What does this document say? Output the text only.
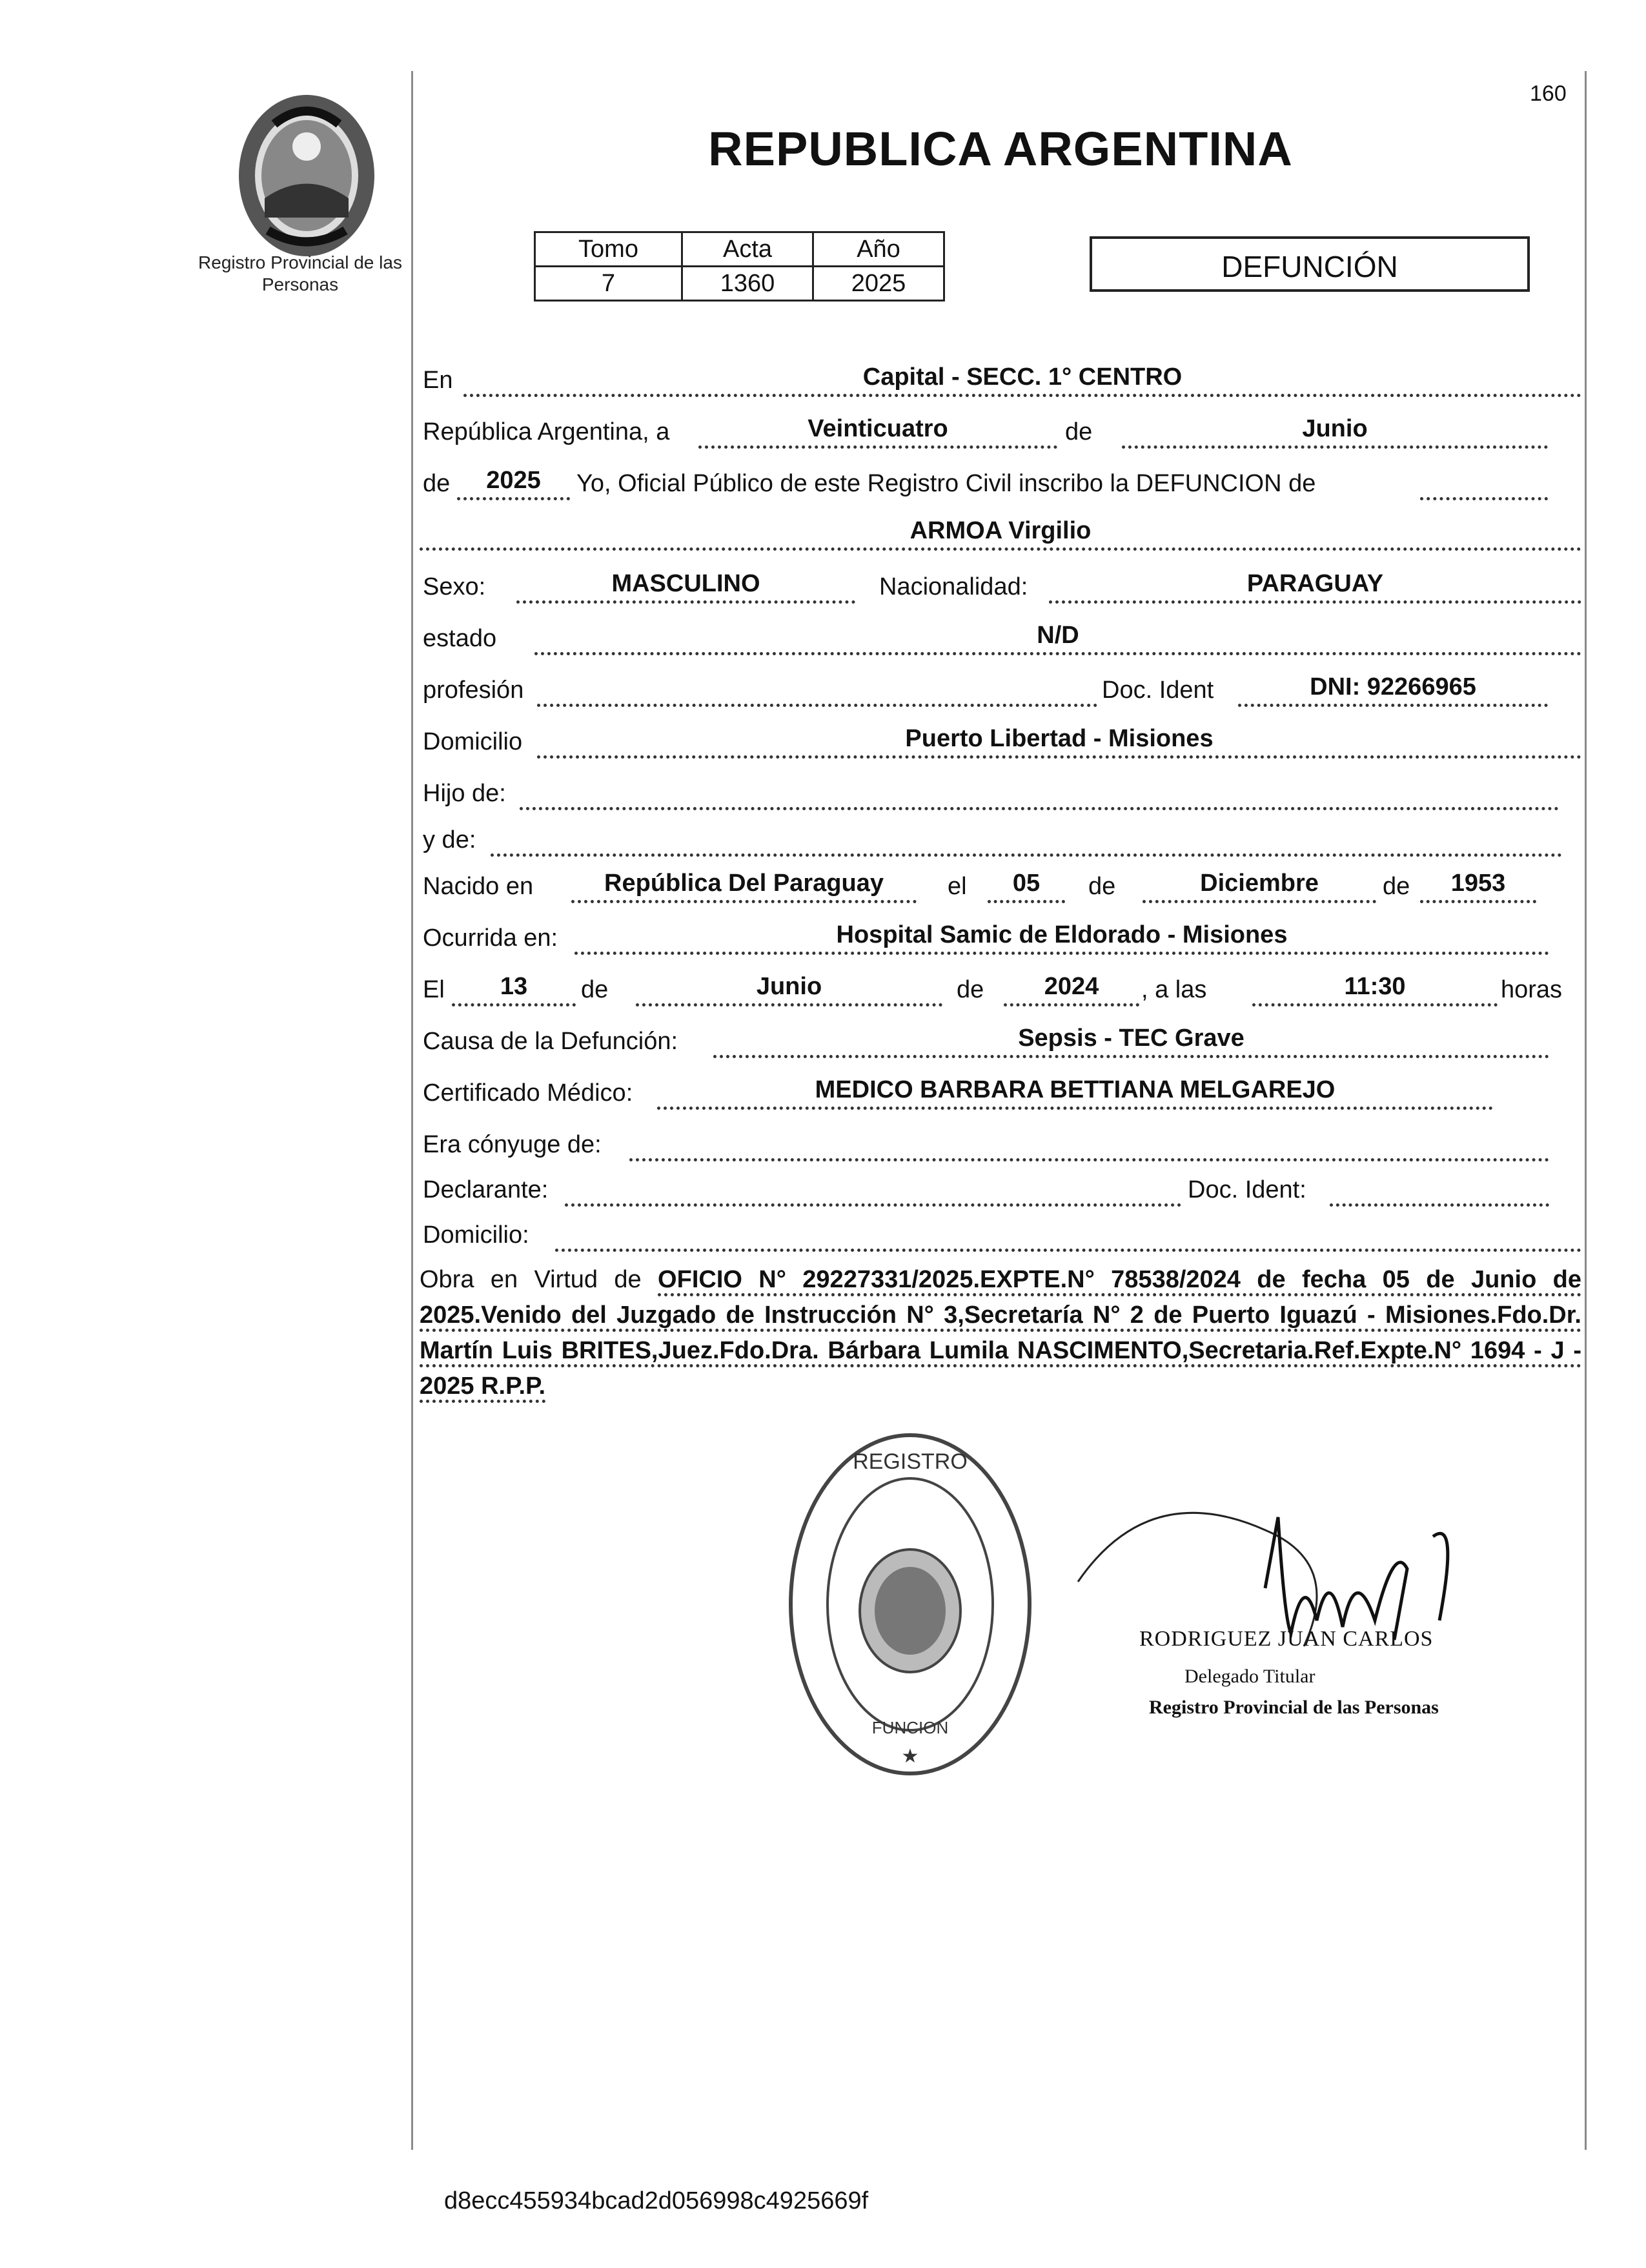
Registro Provincial de las Personas
160
REPUBLICA ARGENTINA
Tomo	Acta	Año
7	1360	2025	DEFUNCIÓN
En	Capital - SECC. 1° CENTRO
República Argentina, a	Veinticuatro	de	Junio
de	2025	Yo, Oficial Público de este Registro Civil inscribo la DEFUNCION de
ARMOA Virgilio
Sexo:	MASCULINO	Nacionalidad:	PARAGUAY
estado	N/D
profesión	Doc. Ident	DNI: 92266965
Domicilio	Puerto Libertad - Misiones
Hijo de:
y de:
Nacido en	República Del Paraguay	el	05	de	Diciembre	de	1953
Ocurrida en:	Hospital Samic de Eldorado - Misiones
El	13	de	Junio	de	2024	, a las	11:30	horas
Causa de la Defunción:	Sepsis - TEC Grave
Certificado Médico:	MEDICO BARBARA BETTIANA MELGAREJO
Era cónyuge de:
Declarante:	Doc. Ident:
Domicilio:
Obra en Virtud de OFICIO N° 29227331/2025.EXPTE.N° 78538/2024 de fecha 05 de Junio de 2025.Venido del Juzgado de Instrucción N° 3,Secretaría N° 2 de Puerto Iguazú - Misiones.Fdo.Dr. Martín Luis BRITES,Juez.Fdo.Dra. Bárbara Lumila NASCIMENTO,Secretaria.Ref.Expte.N° 1694 - J - 2025 R.P.P.
REGISTRO
FUNCION
★
RODRIGUEZ JUAN CARLOS
Delegado Titular
Registro Provincial de las Personas
d8ecc455934bcad2d056998c4925669f
